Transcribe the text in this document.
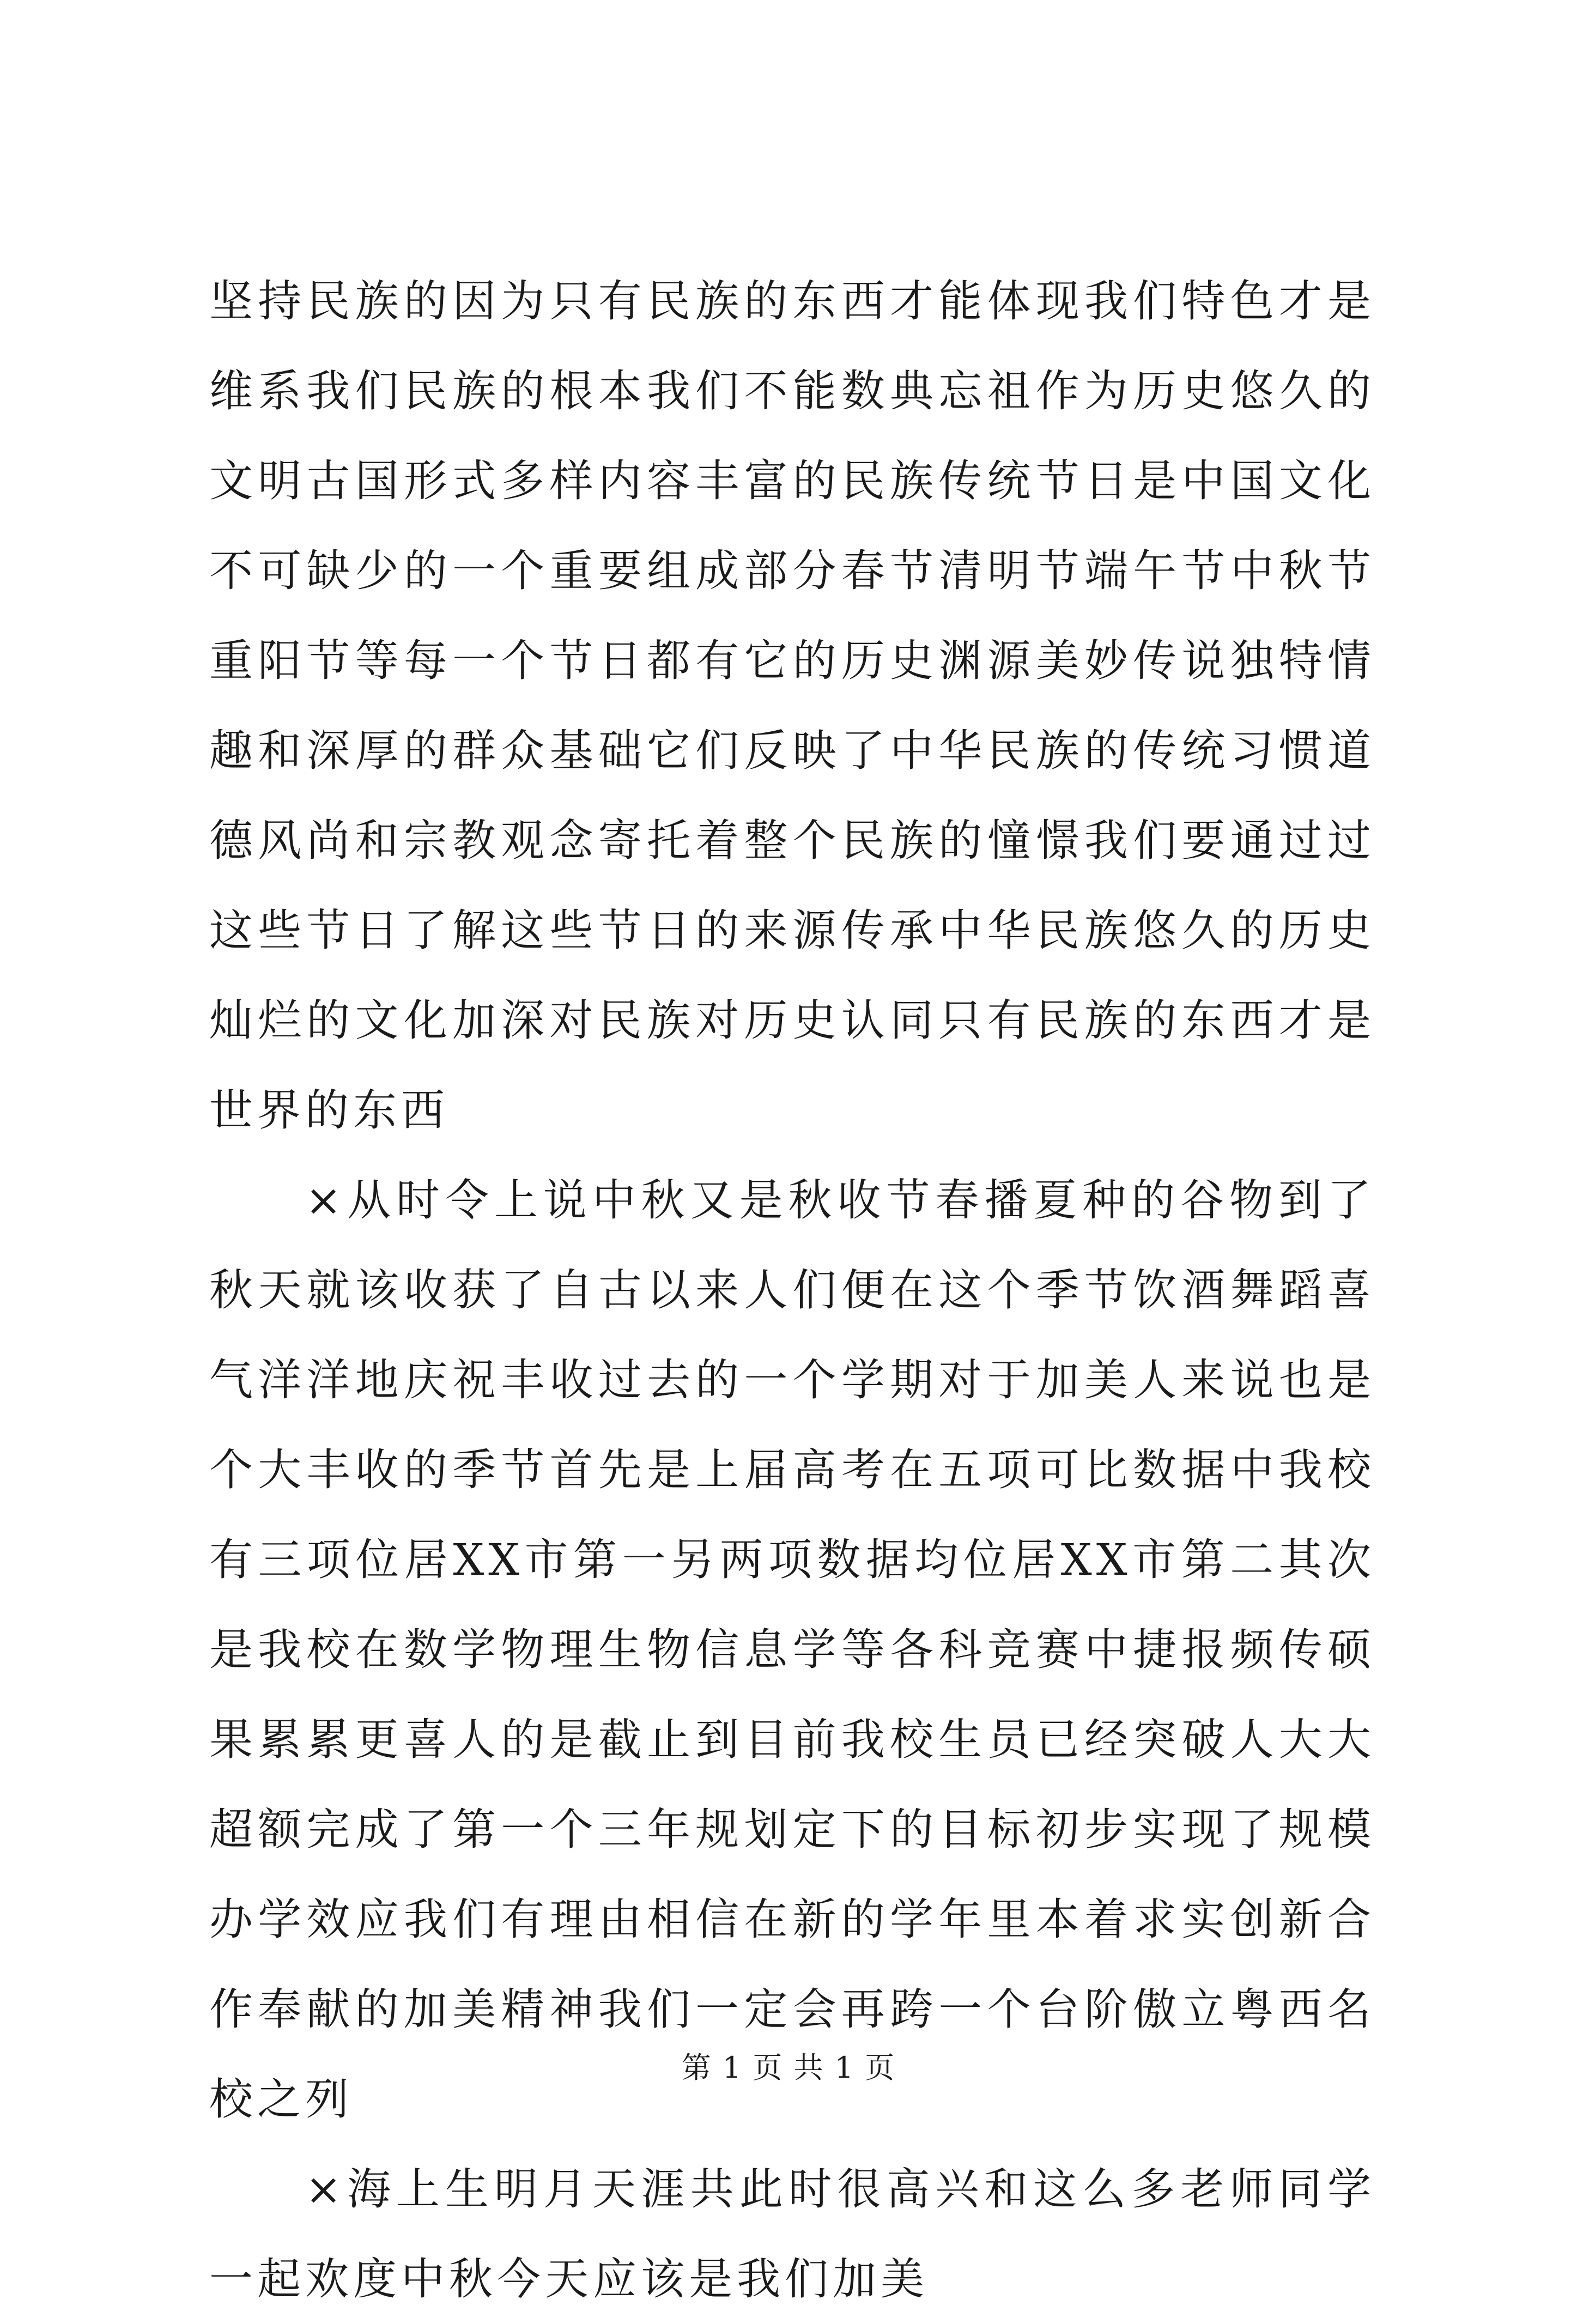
坚持民族的因为只有民族的东西才能体现我们特色才是维系我们民族的根本我们不能数典忘祖作为历史悠久的文明古国形式多样内容丰富的民族传统节日是中国文化不可缺少的一个重要组成部分春节清明节端午节中秋节重阳节等每一个节日都有它的历史渊源美妙传说独特情趣和深厚的群众基础它们反映了中华民族的传统习惯道德风尚和宗教观念寄托着整个民族的憧憬我们要通过过这些节日了解这些节日的来源传承中华民族悠久的历史灿烂的文化加深对民族对历史认同只有民族的东西才是世界的东西

×从时令上说中秋又是秋收节春播夏种的谷物到了秋天就该收获了自古以来人们便在这个季节饮酒舞蹈喜气洋洋地庆祝丰收过去的一个学期对于加美人来说也是个大丰收的季节首先是上届高考在五项可比数据中我校有三项位居XX市第一另两项数据均位居XX市第二其次是我校在数学物理生物信息学等各科竞赛中捷报频传硕果累累更喜人的是截止到目前我校生员已经突破人大大超额完成了第一个三年规划定下的目标初步实现了规模办学效应我们有理由相信在新的学年里本着求实创新合作奉献的加美精神我们一定会再跨一个台阶傲立粤西名校之列

×海上生明月天涯共此时很高兴和这么多老师同学一起欢度中秋今天应该是我们加美

第 1 页 共 1 页
